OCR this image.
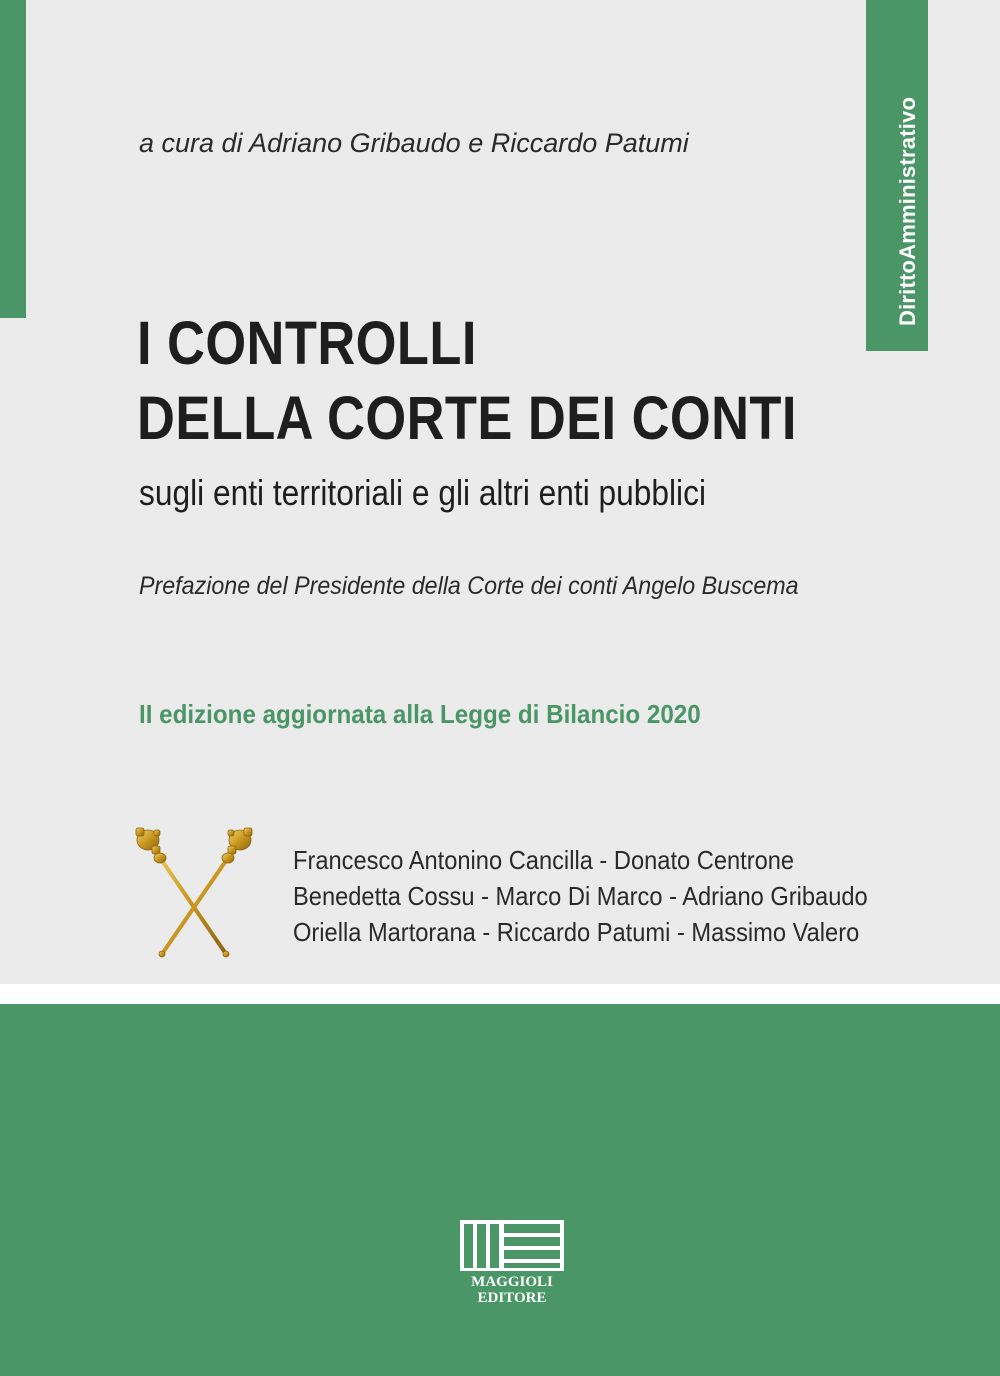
DirittoAmministrativo
a cura di Adriano Gribaudo e Riccardo Patumi
I CONTROLLI
DELLA CORTE DEI CONTI
sugli enti territoriali e gli altri enti pubblici
Prefazione del Presidente della Corte dei conti Angelo Buscema
II edizione aggiornata alla Legge di Bilancio 2020
Francesco Antonino Cancilla - Donato Centrone
Benedetta Cossu - Marco Di Marco - Adriano Gribaudo
Oriella Martorana - Riccardo Patumi - Massimo Valero
MAGGIOLI
EDITORE
